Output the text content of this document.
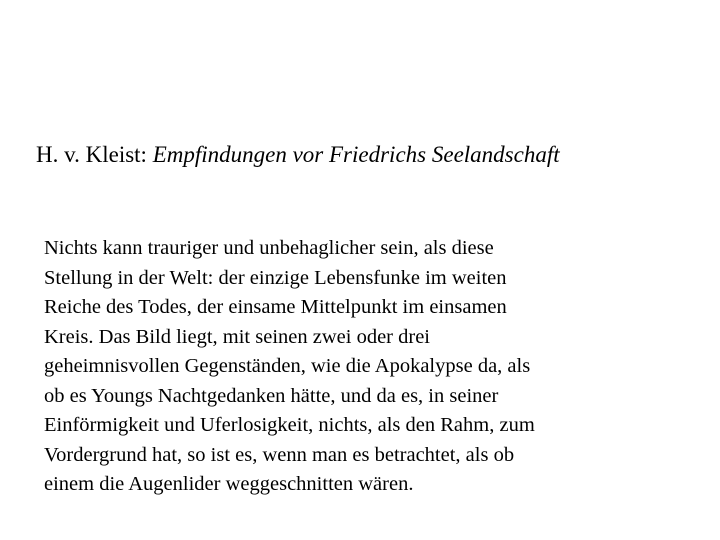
H. v. Kleist: Empfindungen vor Friedrichs Seelandschaft

Nichts kann trauriger und unbehaglicher sein, als diese
Stellung in der Welt: der einzige Lebensfunke im weiten
Reiche des Todes, der einsame Mittelpunkt im einsamen
Kreis. Das Bild liegt, mit seinen zwei oder drei
geheimnisvollen Gegenständen, wie die Apokalypse da, als
ob es Youngs Nachtgedanken hätte, und da es, in seiner
Einförmigkeit und Uferlosigkeit, nichts, als den Rahm, zum
Vordergrund hat, so ist es, wenn man es betrachtet, als ob
einem die Augenlider weggeschnitten wären.
